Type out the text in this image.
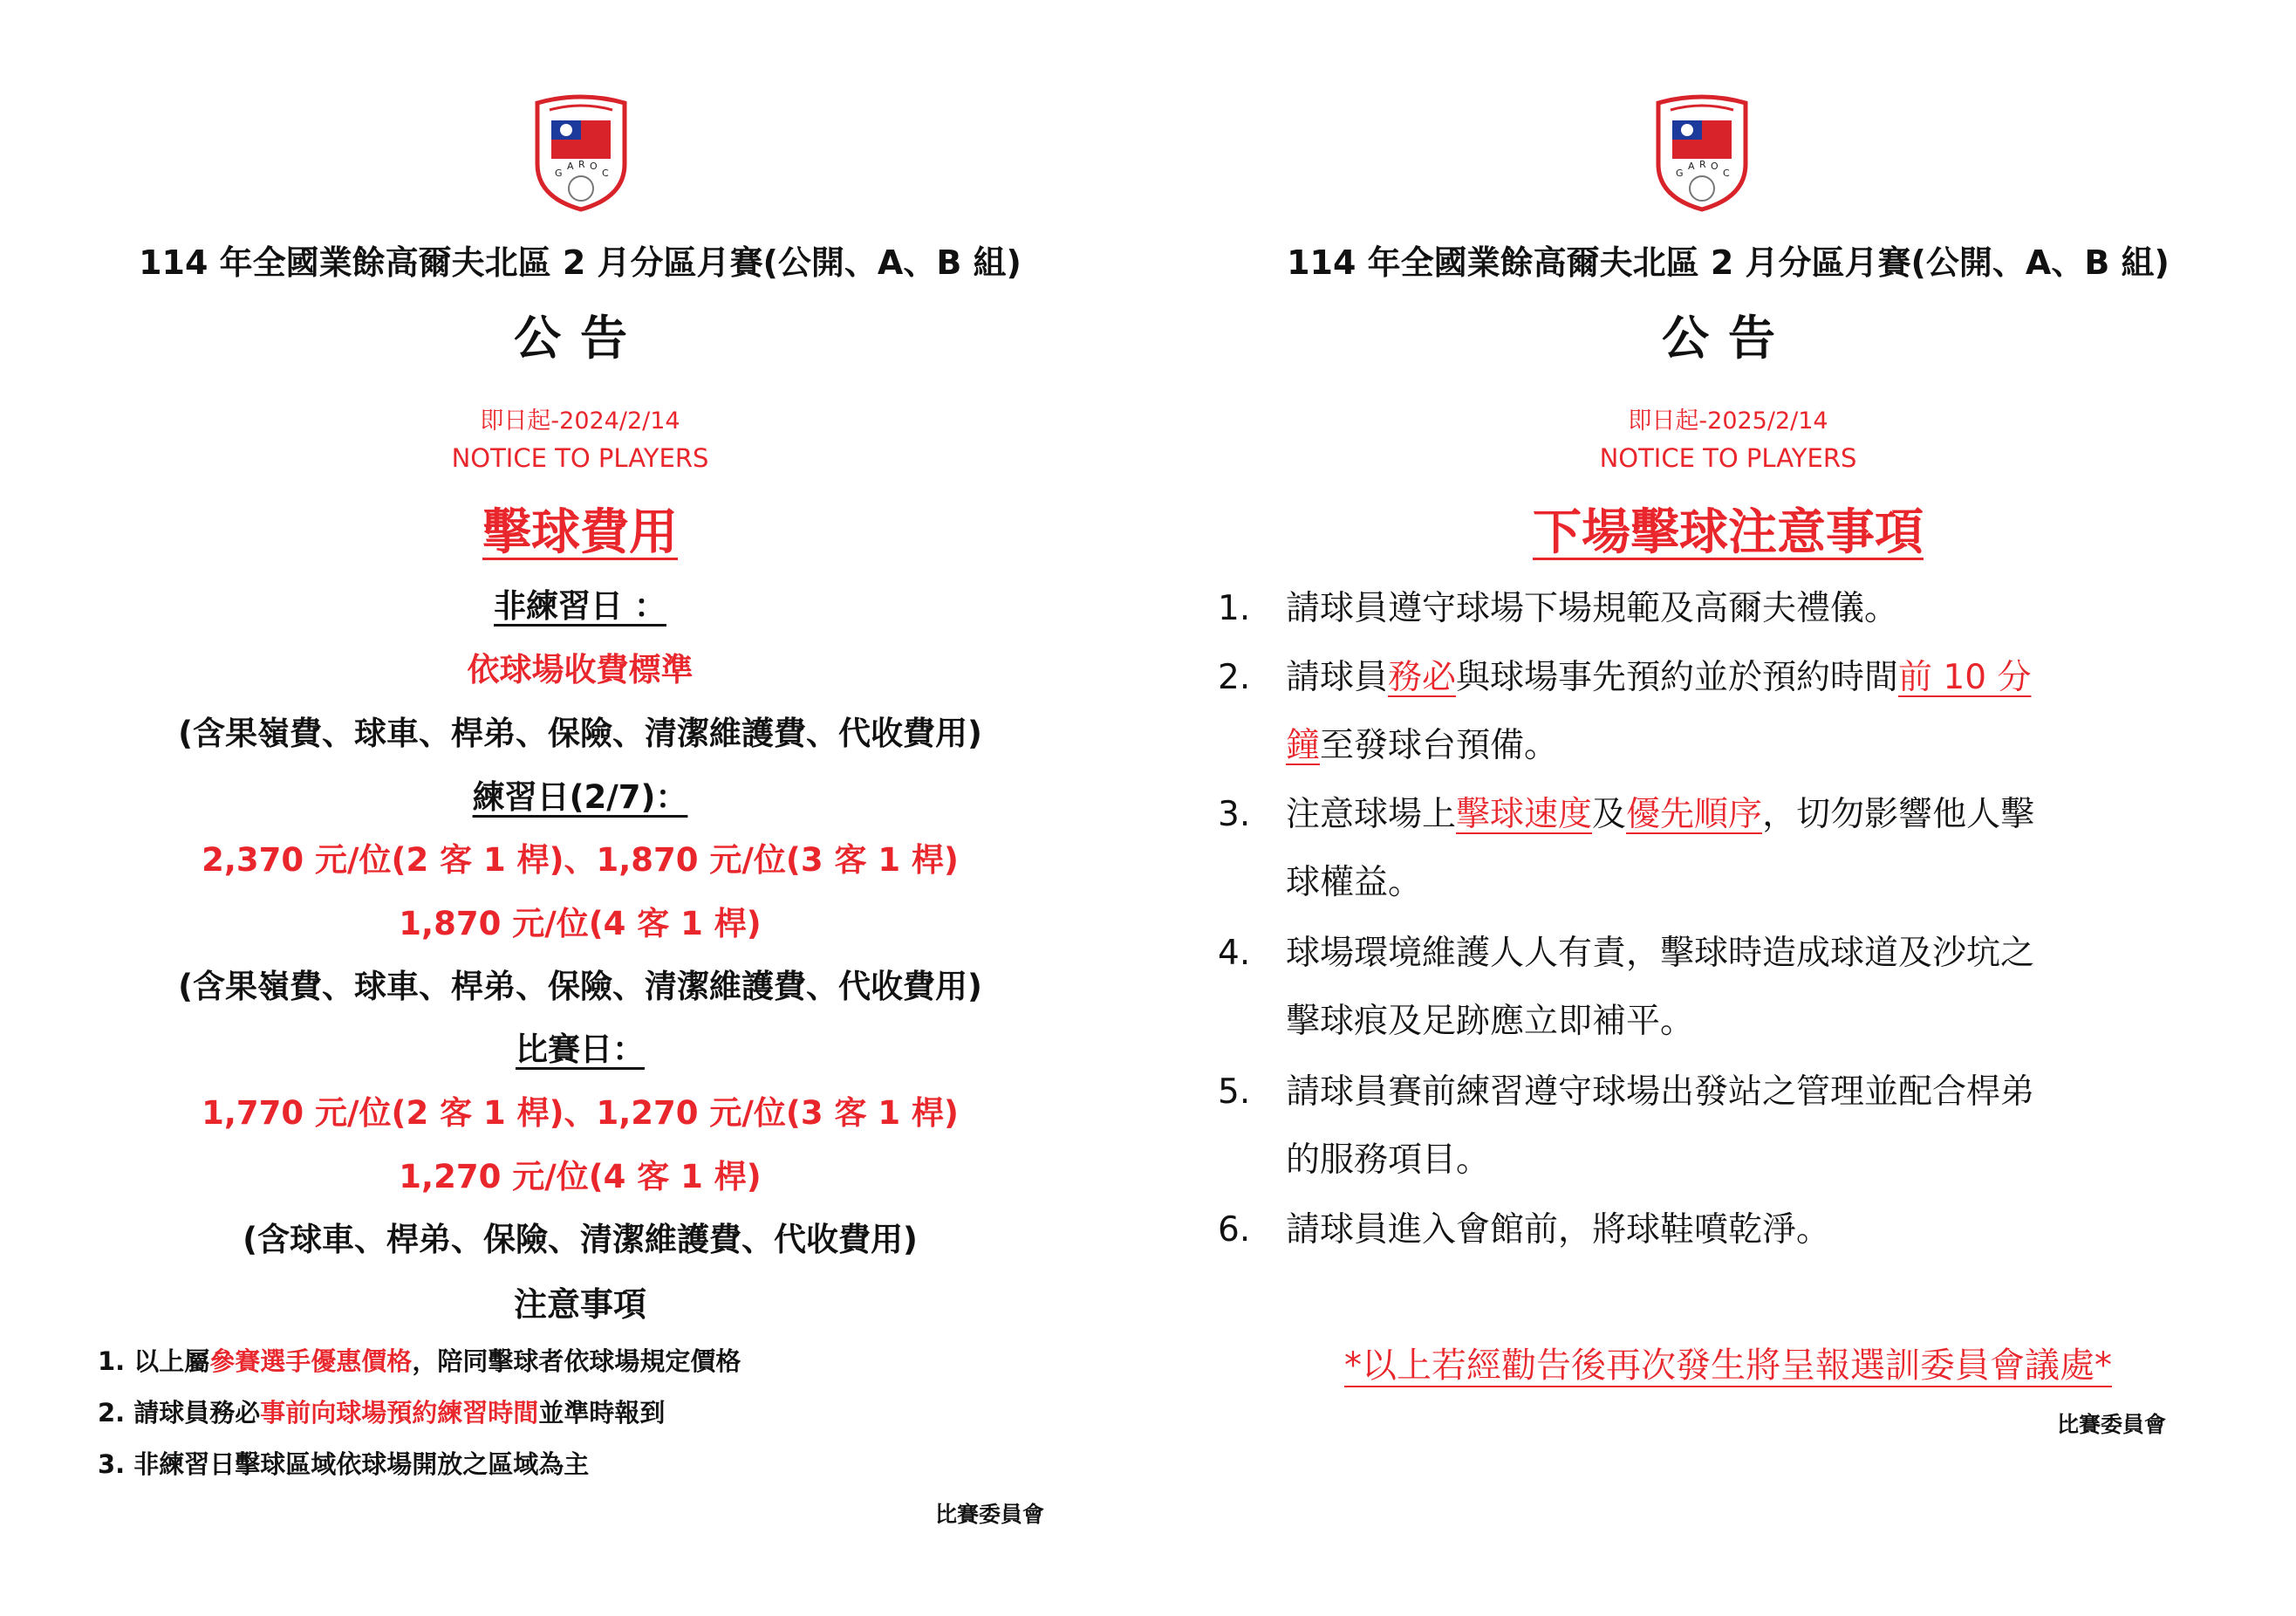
G
A R O
C
114 年全國業餘高爾夫北區 2 月分區月賽(公開、A、B 組)
公告
即日起-2024/2/14
NOTICE TO PLAYERS
擊球費用
非練習日 ：
依球場收費標準
(含果嶺費、球車、桿弟、保險、清潔維護費、代收費用)
練習日(2/7)：
2,370 元/位(2 客 1 桿)、1,870 元/位(3 客 1 桿)
1,870 元/位(4 客 1 桿)
(含果嶺費、球車、桿弟、保險、清潔維護費、代收費用)
比賽日：
1,770 元/位(2 客 1 桿)、1,270 元/位(3 客 1 桿)
1,270 元/位(4 客 1 桿)
(含球車、桿弟、保險、清潔維護費、代收費用)
注意事項
1. 以上屬參賽選手優惠價格，陪同擊球者依球場規定價格
2. 請球員務必事前向球場預約練習時間並準時報到
3. 非練習日擊球區域依球場開放之區域為主
比賽委員會
G
A R O
C
114 年全國業餘高爾夫北區 2 月分區月賽(公開、A、B 組)
公告
即日起-2025/2/14
NOTICE TO PLAYERS
下場擊球注意事項
1. 請球員遵守球場下場規範及高爾夫禮儀。
2. 請球員務必與球場事先預約並於預約時間前 10 分
鐘至發球台預備。
3. 注意球場上擊球速度及優先順序，切勿影響他人擊
球權益。
4. 球場環境維護人人有責，擊球時造成球道及沙坑之
擊球痕及足跡應立即補平。
5. 請球員賽前練習遵守球場出發站之管理並配合桿弟
的服務項目。
6. 請球員進入會館前，將球鞋噴乾淨。
*以上若經勸告後再次發生將呈報選訓委員會議處*
比賽委員會
